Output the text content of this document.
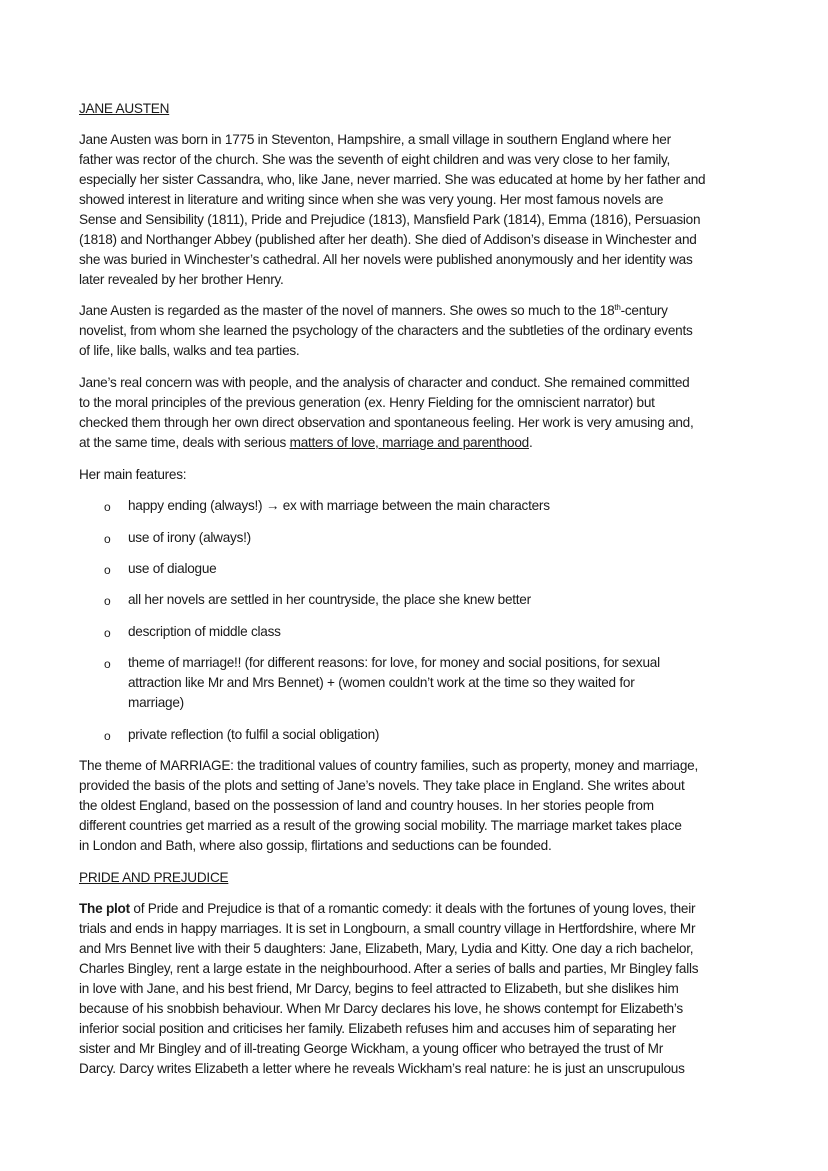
JANE AUSTEN
Jane Austen was born in 1775 in Steventon, Hampshire, a small village in southern England where her
father was rector of the church. She was the seventh of eight children and was very close to her family,
especially her sister Cassandra, who, like Jane, never married. She was educated at home by her father and
showed interest in literature and writing since when she was very young. Her most famous novels are
Sense and Sensibility (1811), Pride and Prejudice (1813), Mansfield Park (1814), Emma (1816), Persuasion
(1818) and Northanger Abbey (published after her death). She died of Addison’s disease in Winchester and
she was buried in Winchester’s cathedral. All her novels were published anonymously and her identity was
later revealed by her brother Henry.
Jane Austen is regarded as the master of the novel of manners. She owes so much to the 18th-century
novelist, from whom she learned the psychology of the characters and the subtleties of the ordinary events
of life, like balls, walks and tea parties.
Jane’s real concern was with people, and the analysis of character and conduct. She remained committed
to the moral principles of the previous generation (ex. Henry Fielding for the omniscient narrator) but
checked them through her own direct observation and spontaneous feeling. Her work is very amusing and,
at the same time, deals with serious matters of love, marriage and parenthood.
Her main features:
o happy ending (always!) → ex with marriage between the main characters
o use of irony (always!)
o use of dialogue
o all her novels are settled in her countryside, the place she knew better
o description of middle class
o theme of marriage!! (for different reasons: for love, for money and social positions, for sexual
attraction like Mr and Mrs Bennet) + (women couldn’t work at the time so they waited for
marriage)
o private reflection (to fulfil a social obligation)
The theme of MARRIAGE: the traditional values of country families, such as property, money and marriage,
provided the basis of the plots and setting of Jane’s novels. They take place in England. She writes about
the oldest England, based on the possession of land and country houses. In her stories people from
different countries get married as a result of the growing social mobility. The marriage market takes place
in London and Bath, where also gossip, flirtations and seductions can be founded.
PRIDE AND PREJUDICE
The plot of Pride and Prejudice is that of a romantic comedy: it deals with the fortunes of young loves, their
trials and ends in happy marriages. It is set in Longbourn, a small country village in Hertfordshire, where Mr
and Mrs Bennet live with their 5 daughters: Jane, Elizabeth, Mary, Lydia and Kitty. One day a rich bachelor,
Charles Bingley, rent a large estate in the neighbourhood. After a series of balls and parties, Mr Bingley falls
in love with Jane, and his best friend, Mr Darcy, begins to feel attracted to Elizabeth, but she dislikes him
because of his snobbish behaviour. When Mr Darcy declares his love, he shows contempt for Elizabeth’s
inferior social position and criticises her family. Elizabeth refuses him and accuses him of separating her
sister and Mr Bingley and of ill-treating George Wickham, a young officer who betrayed the trust of Mr
Darcy. Darcy writes Elizabeth a letter where he reveals Wickham’s real nature: he is just an unscrupulous
